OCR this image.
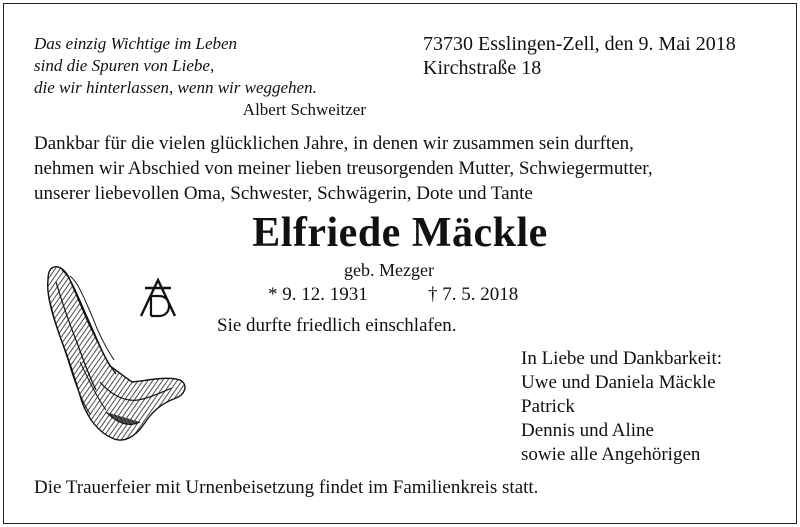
Das einzig Wichtige im Leben
sind die Spuren von Liebe,
die wir hinterlassen, wenn wir weggehen.
Albert Schweitzer
73730 Esslingen-Zell, den 9. Mai 2018
Kirchstraße 18
Dankbar für die vielen glücklichen Jahre, in denen wir zusammen sein durften,
nehmen wir Abschied von meiner lieben treusorgenden Mutter, Schwiegermutter,
unserer liebevollen Oma, Schwester, Schwägerin, Dote und Tante
Elfriede Mäckle
geb. Mezger
* 9. 12. 1931	† 7. 5. 2018
Sie durfte friedlich einschlafen.
In Liebe und Dankbarkeit:
Uwe und Daniela Mäckle
Patrick
Dennis und Aline
sowie alle Angehörigen
Die Trauerfeier mit Urnenbeisetzung findet im Familienkreis statt.
